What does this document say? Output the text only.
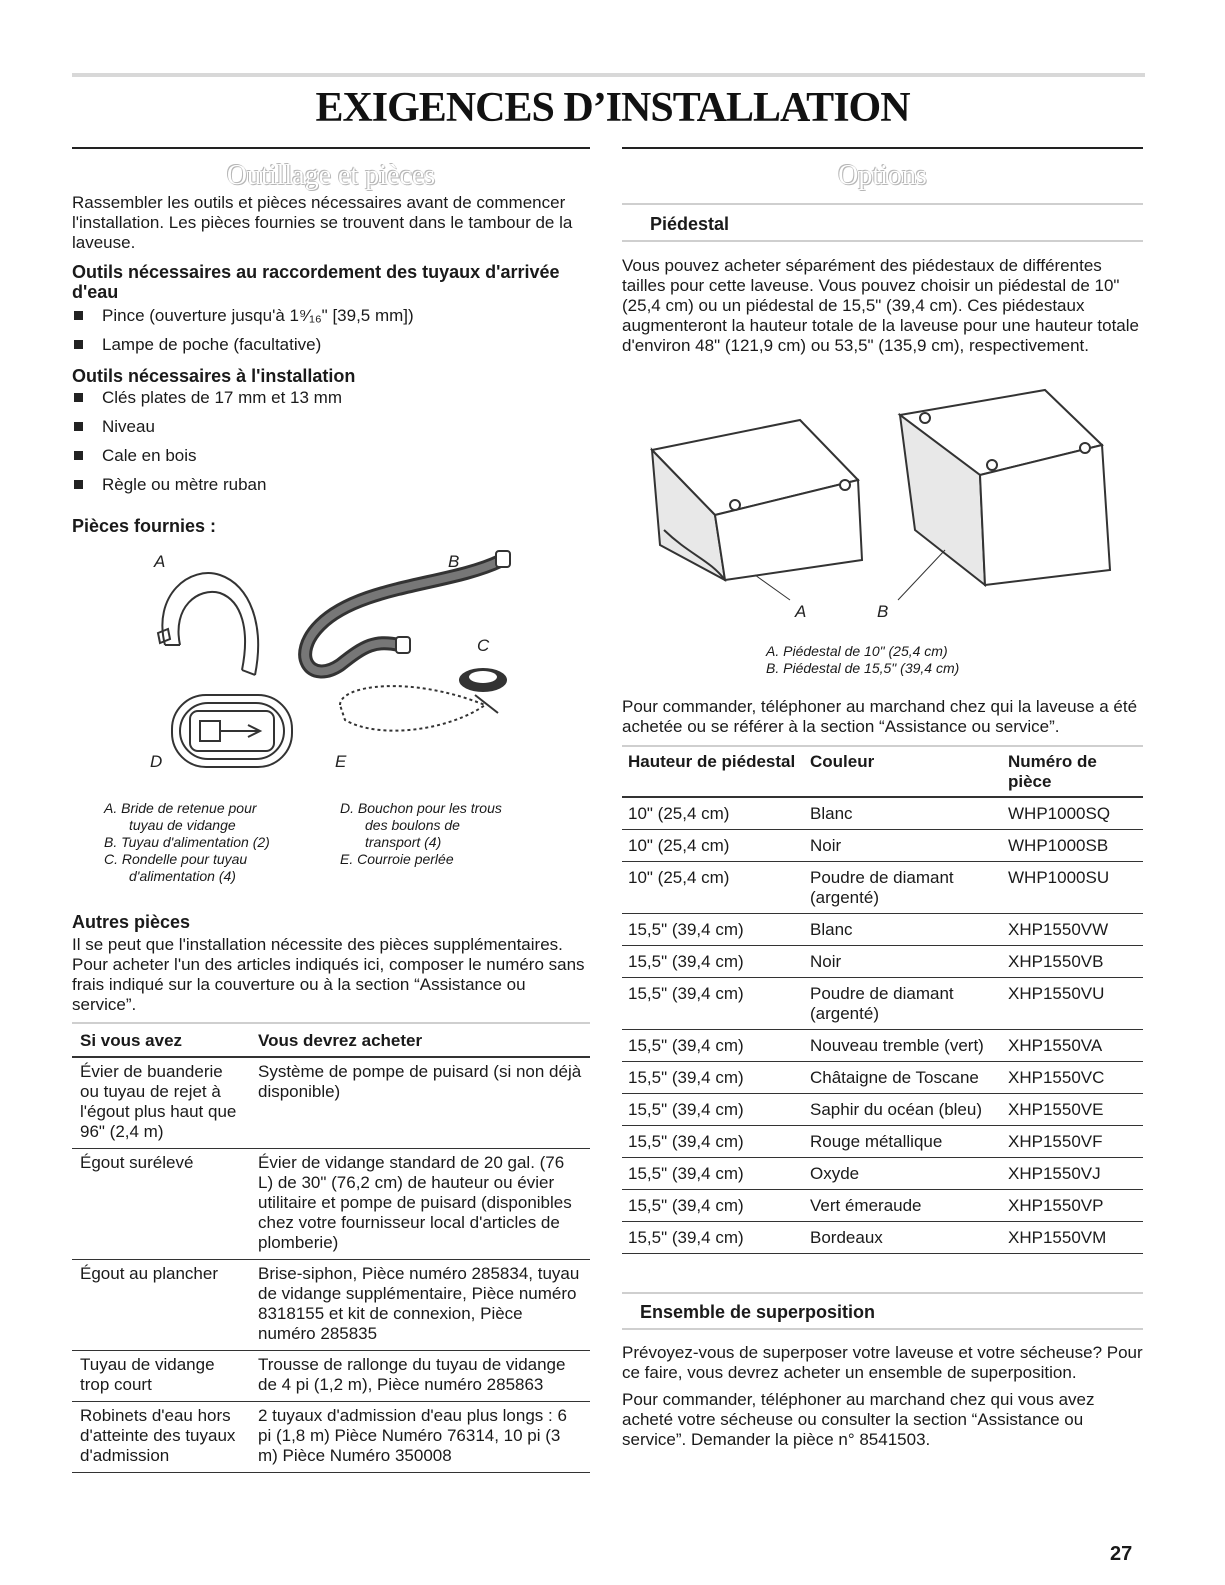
EXIGENCES D’INSTALLATION
Outillage et pièces

Rassembler les outils et pièces nécessaires avant de commencer l'installation. Les pièces fournies se trouvent dans le tambour de la laveuse.

Outils nécessaires au raccordement des tuyaux d'arrivée d'eau
Pince (ouverture jusqu'à 1⁹⁄₁₆" [39,5 mm])
Lampe de poche (facultative)
Outils nécessaires à l'installation
Clés plates de 17 mm et 13 mm
Niveau
Cale en bois
Règle ou mètre ruban
Pièces fournies :
A	B
C
D	E
A. Bride de retenue pour
tuyau de vidange
B. Tuyau d'alimentation (2)
C. Rondelle pour tuyau
d'alimentation (4)
D. Bouchon pour les trous
des boulons de
transport (4)
E. Courroie perlée
Autres pièces

Il se peut que l'installation nécessite des pièces supplémentaires. Pour acheter l'un des articles indiqués ici, composer le numéro sans frais indiqué sur la couverture ou à la section “Assistance ou service”.

Si vous avez	Vous devrez acheter
Évier de buanderie ou tuyau de rejet à l'égout plus haut que 96" (2,4 m)	Système de pompe de puisard (si non déjà disponible)
Égout surélevé	Évier de vidange standard de 20 gal. (76 L) de 30" (76,2 cm) de hauteur ou évier utilitaire et pompe de puisard (disponibles chez votre fournisseur local d'articles de plomberie)
Égout au plancher	Brise-siphon, Pièce numéro 285834, tuyau de vidange supplémentaire, Pièce numéro 8318155 et kit de connexion, Pièce numéro 285835
Tuyau de vidange trop court	Trousse de rallonge du tuyau de vidange de 4 pi (1,2 m), Pièce numéro 285863
Robinets d'eau hors d'atteinte des tuyaux d'admission	2 tuyaux d'admission d'eau plus longs : 6 pi (1,8 m) Pièce Numéro 76314, 10 pi (3 m) Pièce Numéro 350008
Options
Piédestal

Vous pouvez acheter séparément des piédestaux de différentes tailles pour cette laveuse. Vous pouvez choisir un piédestal de 10" (25,4 cm) ou un piédestal de 15,5" (39,4 cm). Ces piédestaux augmenteront la hauteur totale de la laveuse pour une hauteur totale d'environ 48" (121,9 cm) ou 53,5" (135,9 cm), respectivement.

A	B
A. Piédestal de 10" (25,4 cm)
B. Piédestal de 15,5" (39,4 cm)

Pour commander, téléphoner au marchand chez qui la laveuse a été achetée ou se référer à la section “Assistance ou service”.

Hauteur de piédestal	Couleur	Numéro de pièce
10" (25,4 cm)	Blanc	WHP1000SQ
10" (25,4 cm)	Noir	WHP1000SB
10" (25,4 cm)	Poudre de diamant (argenté)	WHP1000SU
15,5" (39,4 cm)	Blanc	XHP1550VW
15,5" (39,4 cm)	Noir	XHP1550VB
15,5" (39,4 cm)	Poudre de diamant (argenté)	XHP1550VU
15,5" (39,4 cm)	Nouveau tremble (vert)	XHP1550VA
15,5" (39,4 cm)	Châtaigne de Toscane	XHP1550VC
15,5" (39,4 cm)	Saphir du océan (bleu)	XHP1550VE
15,5" (39,4 cm)	Rouge métallique	XHP1550VF
15,5" (39,4 cm)	Oxyde	XHP1550VJ
15,5" (39,4 cm)	Vert émeraude	XHP1550VP
15,5" (39,4 cm)	Bordeaux	XHP1550VM
Ensemble de superposition

Prévoyez-vous de superposer votre laveuse et votre sécheuse? Pour ce faire, vous devrez acheter un ensemble de superposition.

Pour commander, téléphoner au marchand chez qui vous avez acheté votre sécheuse ou consulter la section “Assistance ou service”. Demander la pièce n° 8541503.

27
